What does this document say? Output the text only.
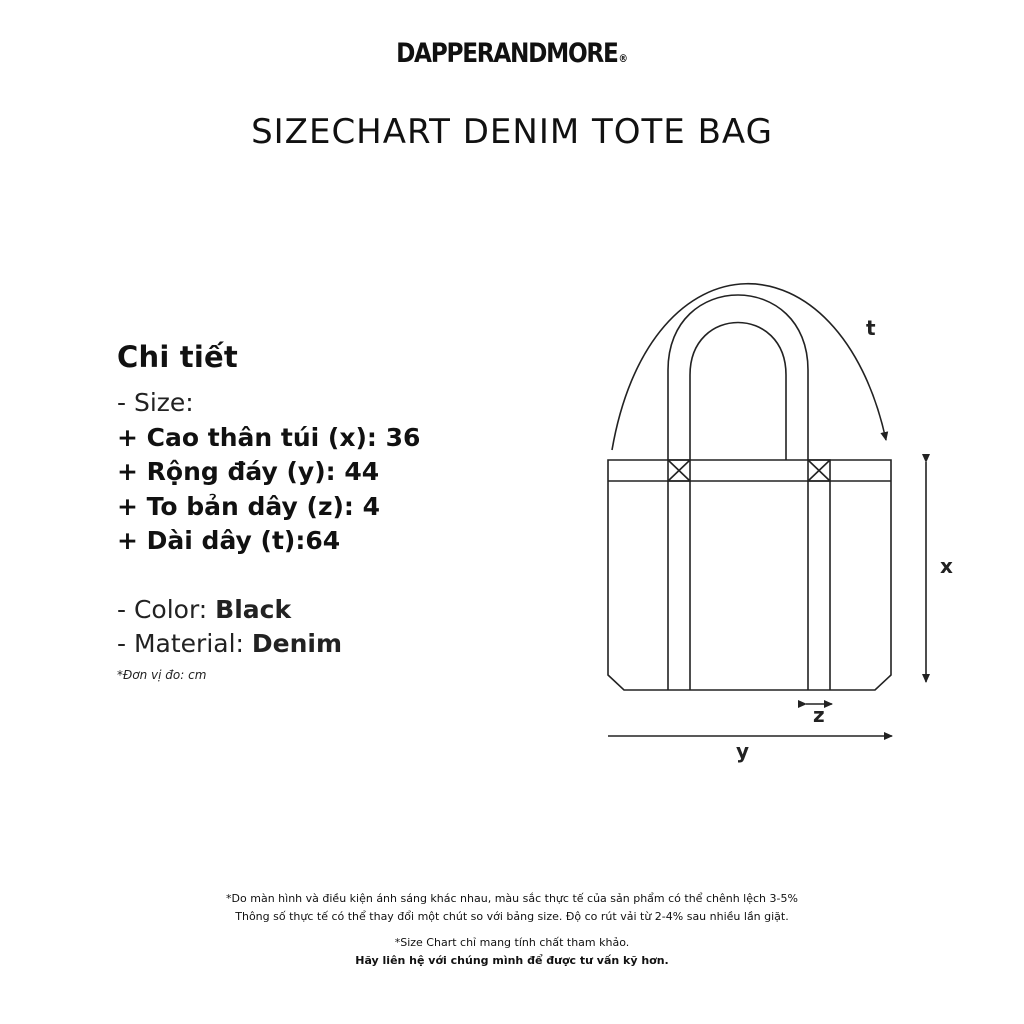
DAPPERANDMORE®
SIZECHART DENIM TOTE BAG
Chi tiết
- Size:
+ Cao thân túi (x): 36
+ Rộng đáy (y): 44
+ To bản dây (z): 4
+ Dài dây (t):64
- Color: Black
- Material: Denim
*Đơn vị đo: cm
t
x
z
y
*Do màn hình và điều kiện ánh sáng khác nhau, màu sắc thực tế của sản phẩm có thể chênh lệch 3-5%
Thông số thực tế có thể thay đổi một chút so với bảng size. Độ co rút vải từ 2-4% sau nhiều lần giặt.
*Size Chart chỉ mang tính chất tham khảo.
Hãy liên hệ với chúng mình để được tư vấn kỹ hơn.
